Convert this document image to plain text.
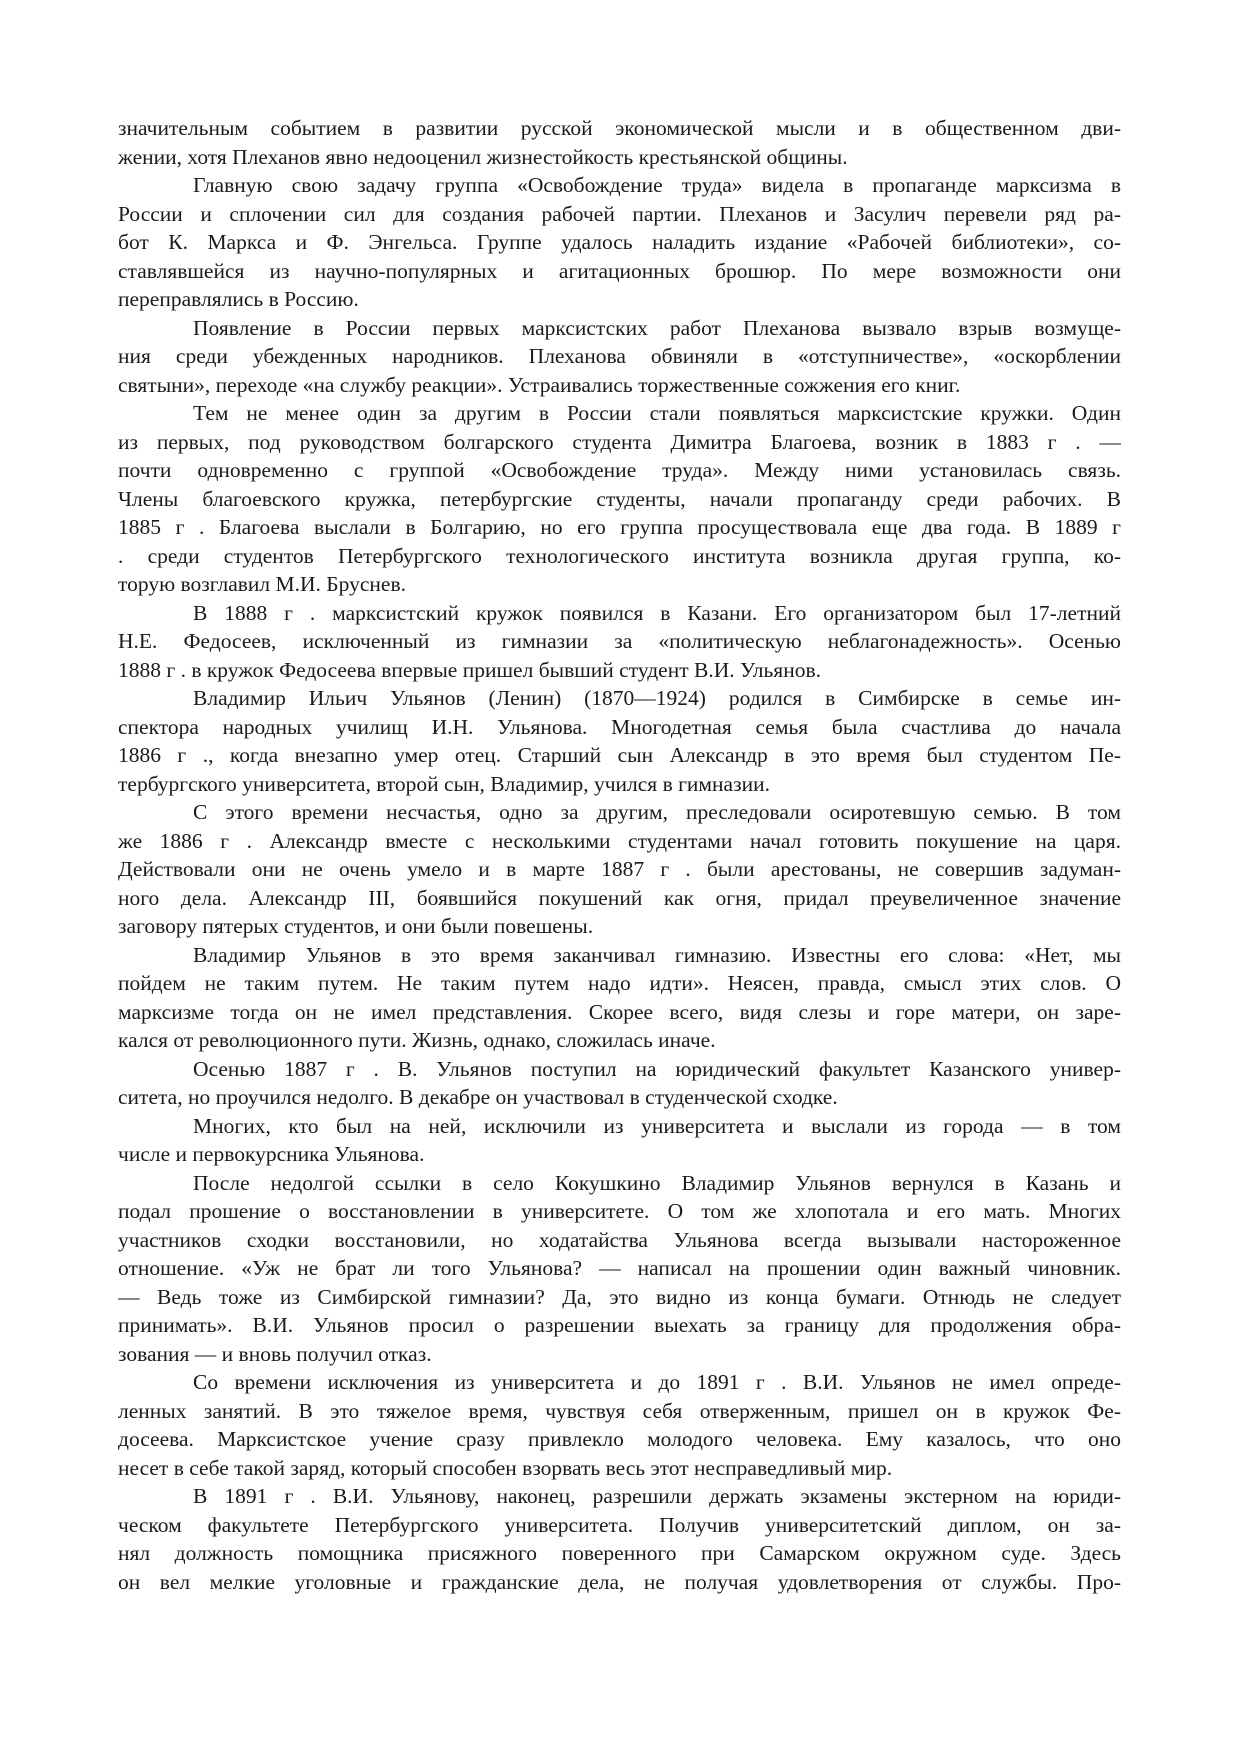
значительным событием в развитии русской экономической мысли и в общественном дви-
жении, хотя Плеханов явно недооценил жизнестойкость крестьянской общины.
Главную свою задачу группа «Освобождение труда» видела в пропаганде марксизма в
России и сплочении сил для создания рабочей партии. Плеханов и Засулич перевели ряд ра-
бот К. Маркса и Ф. Энгельса. Группе удалось наладить издание «Рабочей библиотеки», со-
ставлявшейся из научно-популярных и агитационных брошюр. По мере возможности они
переправлялись в Россию.
Появление в России первых марксистских работ Плеханова вызвало взрыв возмуще-
ния среди убежденных народников. Плеханова обвиняли в «отступничестве», «оскорблении
святыни», переходе «на службу реакции». Устраивались торжественные сожжения его книг.
Тем не менее один за другим в России стали появляться марксистские кружки. Один
из первых, под руководством болгарского студента Димитра Благоева, возник в 1883 г . —
почти одновременно с группой «Освобождение труда». Между ними установилась связь.
Члены благоевского кружка, петербургские студенты, начали пропаганду среди рабочих. В
1885 г . Благоева выслали в Болгарию, но его группа просуществовала еще два года. В 1889 г
. среди студентов Петербургского технологического института возникла другая группа, ко-
торую возглавил М.И. Бруснев.
В 1888 г . марксистский кружок появился в Казани. Его организатором был 17-летний
Н.Е. Федосеев, исключенный из гимназии за «политическую неблагонадежность». Осенью
1888 г . в кружок Федосеева впервые пришел бывший студент В.И. Ульянов.
Владимир Ильич Ульянов (Ленин) (1870—1924) родился в Симбирске в семье ин-
спектора народных училищ И.Н. Ульянова. Многодетная семья была счастлива до начала
1886 г ., когда внезапно умер отец. Старший сын Александр в это время был студентом Пе-
тербургского университета, второй сын, Владимир, учился в гимназии.
С этого времени несчастья, одно за другим, преследовали осиротевшую семью. В том
же 1886 г . Александр вместе с несколькими студентами начал готовить покушение на царя.
Действовали они не очень умело и в марте 1887 г . были арестованы, не совершив задуман-
ного дела. Александр III, боявшийся покушений как огня, придал преувеличенное значение
заговору пятерых студентов, и они были повешены.
Владимир Ульянов в это время заканчивал гимназию. Известны его слова: «Нет, мы
пойдем не таким путем. Не таким путем надо идти». Неясен, правда, смысл этих слов. О
марксизме тогда он не имел представления. Скорее всего, видя слезы и горе матери, он заре-
кался от революционного пути. Жизнь, однако, сложилась иначе.
Осенью 1887 г . В. Ульянов поступил на юридический факультет Казанского универ-
ситета, но проучился недолго. В декабре он участвовал в студенческой сходке.
Многих, кто был на ней, исключили из университета и выслали из города — в том
числе и первокурсника Ульянова.
После недолгой ссылки в село Кокушкино Владимир Ульянов вернулся в Казань и
подал прошение о восстановлении в университете. О том же хлопотала и его мать. Многих
участников сходки восстановили, но ходатайства Ульянова всегда вызывали настороженное
отношение. «Уж не брат ли того Ульянова? — написал на прошении один важный чиновник.
— Ведь тоже из Симбирской гимназии? Да, это видно из конца бумаги. Отнюдь не следует
принимать». В.И. Ульянов просил о разрешении выехать за границу для продолжения обра-
зования — и вновь получил отказ.
Со времени исключения из университета и до 1891 г . В.И. Ульянов не имел опреде-
ленных занятий. В это тяжелое время, чувствуя себя отверженным, пришел он в кружок Фе-
досеева. Марксистское учение сразу привлекло молодого человека. Ему казалось, что оно
несет в себе такой заряд, который способен взорвать весь этот несправедливый мир.
В 1891 г . В.И. Ульянову, наконец, разрешили держать экзамены экстерном на юриди-
ческом факультете Петербургского университета. Получив университетский диплом, он за-
нял должность помощника присяжного поверенного при Самарском окружном суде. Здесь
он вел мелкие уголовные и гражданские дела, не получая удовлетворения от службы. Про-
